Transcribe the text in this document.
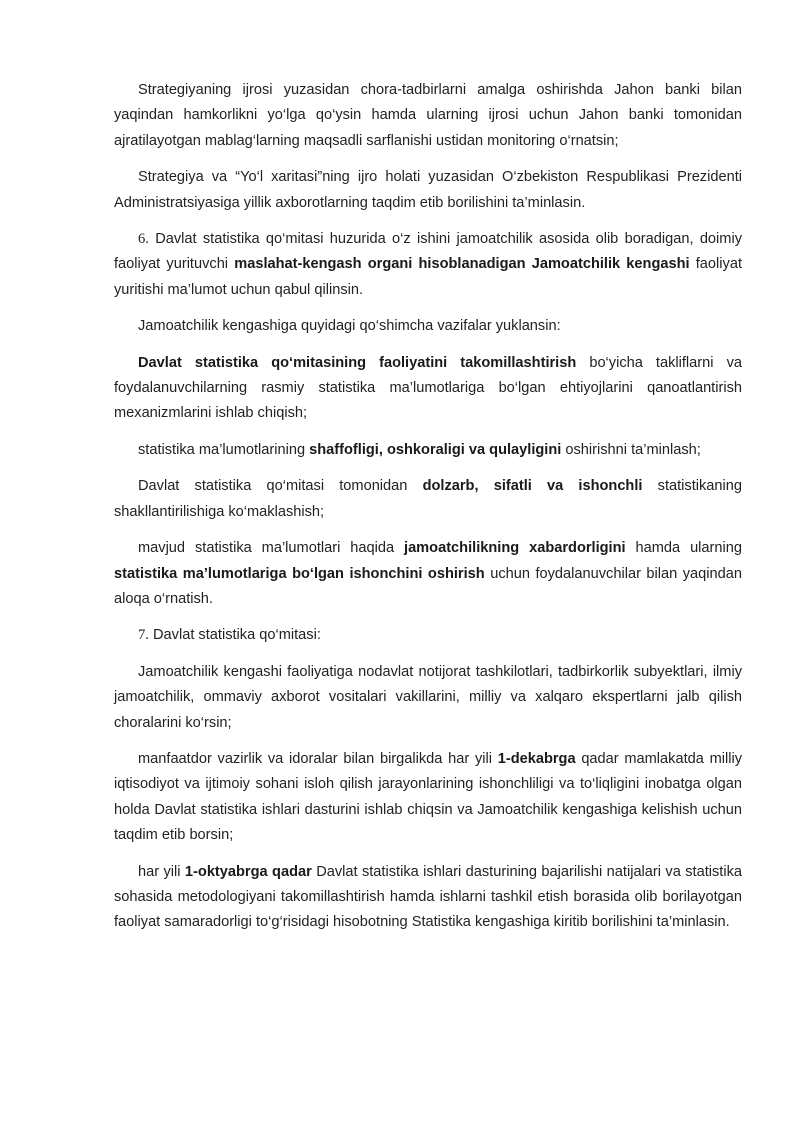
Strategiyaning ijrosi yuzasidan chora-tadbirlarni amalga oshirishda Jahon banki bilan yaqindan hamkorlikni yo‘lga qo‘ysin hamda ularning ijrosi uchun Jahon banki tomonidan ajratilayotgan mablag‘larning maqsadli sarflanishi ustidan monitoring o‘rnatsin;

Strategiya va “Yo‘l xaritasi”ning ijro holati yuzasidan O‘zbekiston Respublikasi Prezidenti Administratsiyasiga yillik axborotlarning taqdim etib borilishini ta’minlasin.

6. Davlat statistika qo‘mitasi huzurida o‘z ishini jamoatchilik asosida olib boradigan, doimiy faoliyat yurituvchi maslahat-kengash organi hisoblanadigan Jamoatchilik kengashi faoliyat yuritishi ma’lumot uchun qabul qilinsin.

Jamoatchilik kengashiga quyidagi qo‘shimcha vazifalar yuklansin:

Davlat statistika qo‘mitasining faoliyatini takomillashtirish bo‘yicha takliflarni va foydalanuvchilarning rasmiy statistika ma’lumotlariga bo‘lgan ehtiyojlarini qanoatlantirish mexanizmlarini ishlab chiqish;

statistika ma’lumotlarining shaffofligi, oshkoraligi va qulayligini oshirishni ta’minlash;

Davlat statistika qo‘mitasi tomonidan dolzarb, sifatli va ishonchli statistikaning shakllantirilishiga ko‘maklashish;

mavjud statistika ma’lumotlari haqida jamoatchilikning xabardorligini hamda ularning statistika ma’lumotlariga bo‘lgan ishonchini oshirish uchun foydalanuvchilar bilan yaqindan aloqa o‘rnatish.

7. Davlat statistika qo‘mitasi:

Jamoatchilik kengashi faoliyatiga nodavlat notijorat tashkilotlari, tadbirkorlik subyektlari, ilmiy jamoatchilik, ommaviy axborot vositalari vakillarini, milliy va xalqaro ekspertlarni jalb qilish choralarini ko‘rsin;

manfaatdor vazirlik va idoralar bilan birgalikda har yili 1-dekabrga qadar mamlakatda milliy iqtisodiyot va ijtimoiy sohani isloh qilish jarayonlarining ishonchliligi va to‘liqligini inobatga olgan holda Davlat statistika ishlari dasturini ishlab chiqsin va Jamoatchilik kengashiga kelishish uchun taqdim etib borsin;

har yili 1-oktyabrga qadar Davlat statistika ishlari dasturining bajarilishi natijalari va statistika sohasida metodologiyani takomillashtirish hamda ishlarni tashkil etish borasida olib borilayotgan faoliyat samaradorligi to‘g‘risidagi hisobotning Statistika kengashiga kiritib borilishini ta’minlasin.
